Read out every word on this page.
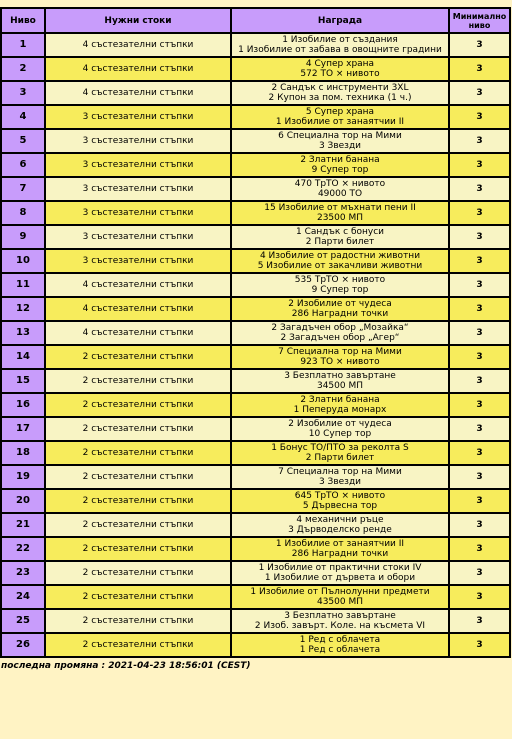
Ниво	Нужни стоки	Награда	Минимално
ниво
1	4 състезателни стъпки	1 Изобилие от създания
1 Изобилие от забава в овощните градини	3
2	4 състезателни стъпки	4 Супер храна
572 ТО × нивото	3
3	4 състезателни стъпки	2 Сандък с инструменти 3XL
2 Купон за пом. техника (1 ч.)	3
4	3 състезателни стъпки	5 Супер храна
1 Изобилие от занаятчии II	3
5	3 състезателни стъпки	6 Специална тор на Мими
3 Звезди	3
6	3 състезателни стъпки	2 Златни банана
9 Супер тор	3
7	3 състезателни стъпки	470 ТрТО × нивото
49000 ТО	3
8	3 състезателни стъпки	15 Изобилие от мъхнати пени II
23500 МП	3
9	3 състезателни стъпки	1 Сандък с бонуси
2 Парти билет	3
10	3 състезателни стъпки	4 Изобилие от радостни животни
5 Изобилие от закачливи животни	3
11	4 състезателни стъпки	535 ТрТО × нивото
9 Супер тор	3
12	4 състезателни стъпки	2 Изобилие от чудеса
286 Наградни точки	3
13	4 състезателни стъпки	2 Загадъчен обор „Мозайка“
2 Загадъчен обор „Агер“	3
14	2 състезателни стъпки	7 Специална тор на Мими
923 ТО × нивото	3
15	2 състезателни стъпки	3 Безплатно завъртане
34500 МП	3
16	2 състезателни стъпки	2 Златни банана
1 Пеперуда монарх	3
17	2 състезателни стъпки	2 Изобилие от чудеса
10 Супер тор	3
18	2 състезателни стъпки	1 Бонус ТО/ПТО за реколта S
2 Парти билет	3
19	2 състезателни стъпки	7 Специална тор на Мими
3 Звезди	3
20	2 състезателни стъпки	645 ТрТО × нивото
5 Дървесна тор	3
21	2 състезателни стъпки	4 механични ръце
3 Дърводелско ренде	3
22	2 състезателни стъпки	1 Изобилие от занаятчии II
286 Наградни точки	3
23	2 състезателни стъпки	1 Изобилие от практични стоки IV
1 Изобилие от дървета и обори	3
24	2 състезателни стъпки	1 Изобилие от Пълнолунни предмети
43500 МП	3
25	2 състезателни стъпки	3 Безплатно завъртане
2 Изоб. завърт. Коле. на късмета VI	3
26	2 състезателни стъпки	1 Ред с облачета
1 Ред с облачета	3
последна промяна : 2021-04-23 18:56:01 (CEST)
